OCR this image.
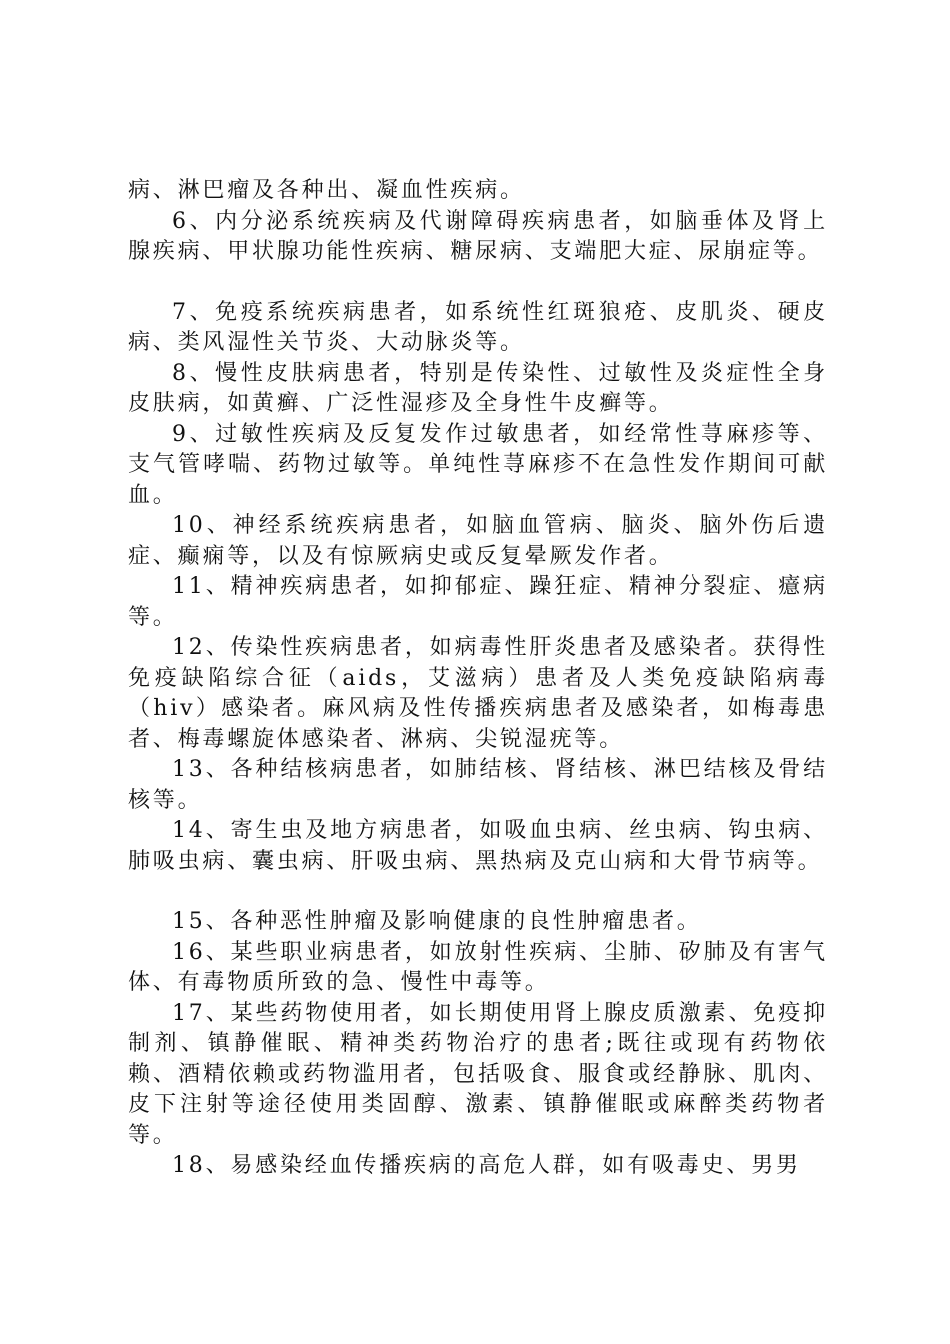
病、淋巴瘤及各种出、凝血性疾病。

6、内分泌系统疾病及代谢障碍疾病患者，如脑垂体及肾上腺疾病、甲状腺功能性疾病、糖尿病、支端肥大症、尿崩症等。

7、免疫系统疾病患者，如系统性红斑狼疮、皮肌炎、硬皮病、类风湿性关节炎、大动脉炎等。

8、慢性皮肤病患者，特别是传染性、过敏性及炎症性全身皮肤病，如黄癣、广泛性湿疹及全身性牛皮癣等。

9、过敏性疾病及反复发作过敏患者，如经常性荨麻疹等、支气管哮喘、药物过敏等。单纯性荨麻疹不在急性发作期间可献血。

10、神经系统疾病患者，如脑血管病、脑炎、脑外伤后遗症、癫痫等，以及有惊厥病史或反复晕厥发作者。

11、精神疾病患者，如抑郁症、躁狂症、精神分裂症、癔病等。

12、传染性疾病患者，如病毒性肝炎患者及感染者。获得性免疫缺陷综合征（aids，艾滋病）患者及人类免疫缺陷病毒（hiv）感染者。麻风病及性传播疾病患者及感染者，如梅毒患者、梅毒螺旋体感染者、淋病、尖锐湿疣等。

13、各种结核病患者，如肺结核、肾结核、淋巴结核及骨结核等。

14、寄生虫及地方病患者，如吸血虫病、丝虫病、钩虫病、肺吸虫病、囊虫病、肝吸虫病、黑热病及克山病和大骨节病等。

15、各种恶性肿瘤及影响健康的良性肿瘤患者。

16、某些职业病患者，如放射性疾病、尘肺、矽肺及有害气体、有毒物质所致的急、慢性中毒等。

17、某些药物使用者，如长期使用肾上腺皮质激素、免疫抑制剂、镇静催眠、精神类药物治疗的患者;既往或现有药物依赖、酒精依赖或药物滥用者，包括吸食、服食或经静脉、肌肉、皮下注射等途径使用类固醇、激素、镇静催眠或麻醉类药物者等。

18、易感染经血传播疾病的高危人群，如有吸毒史、男男
